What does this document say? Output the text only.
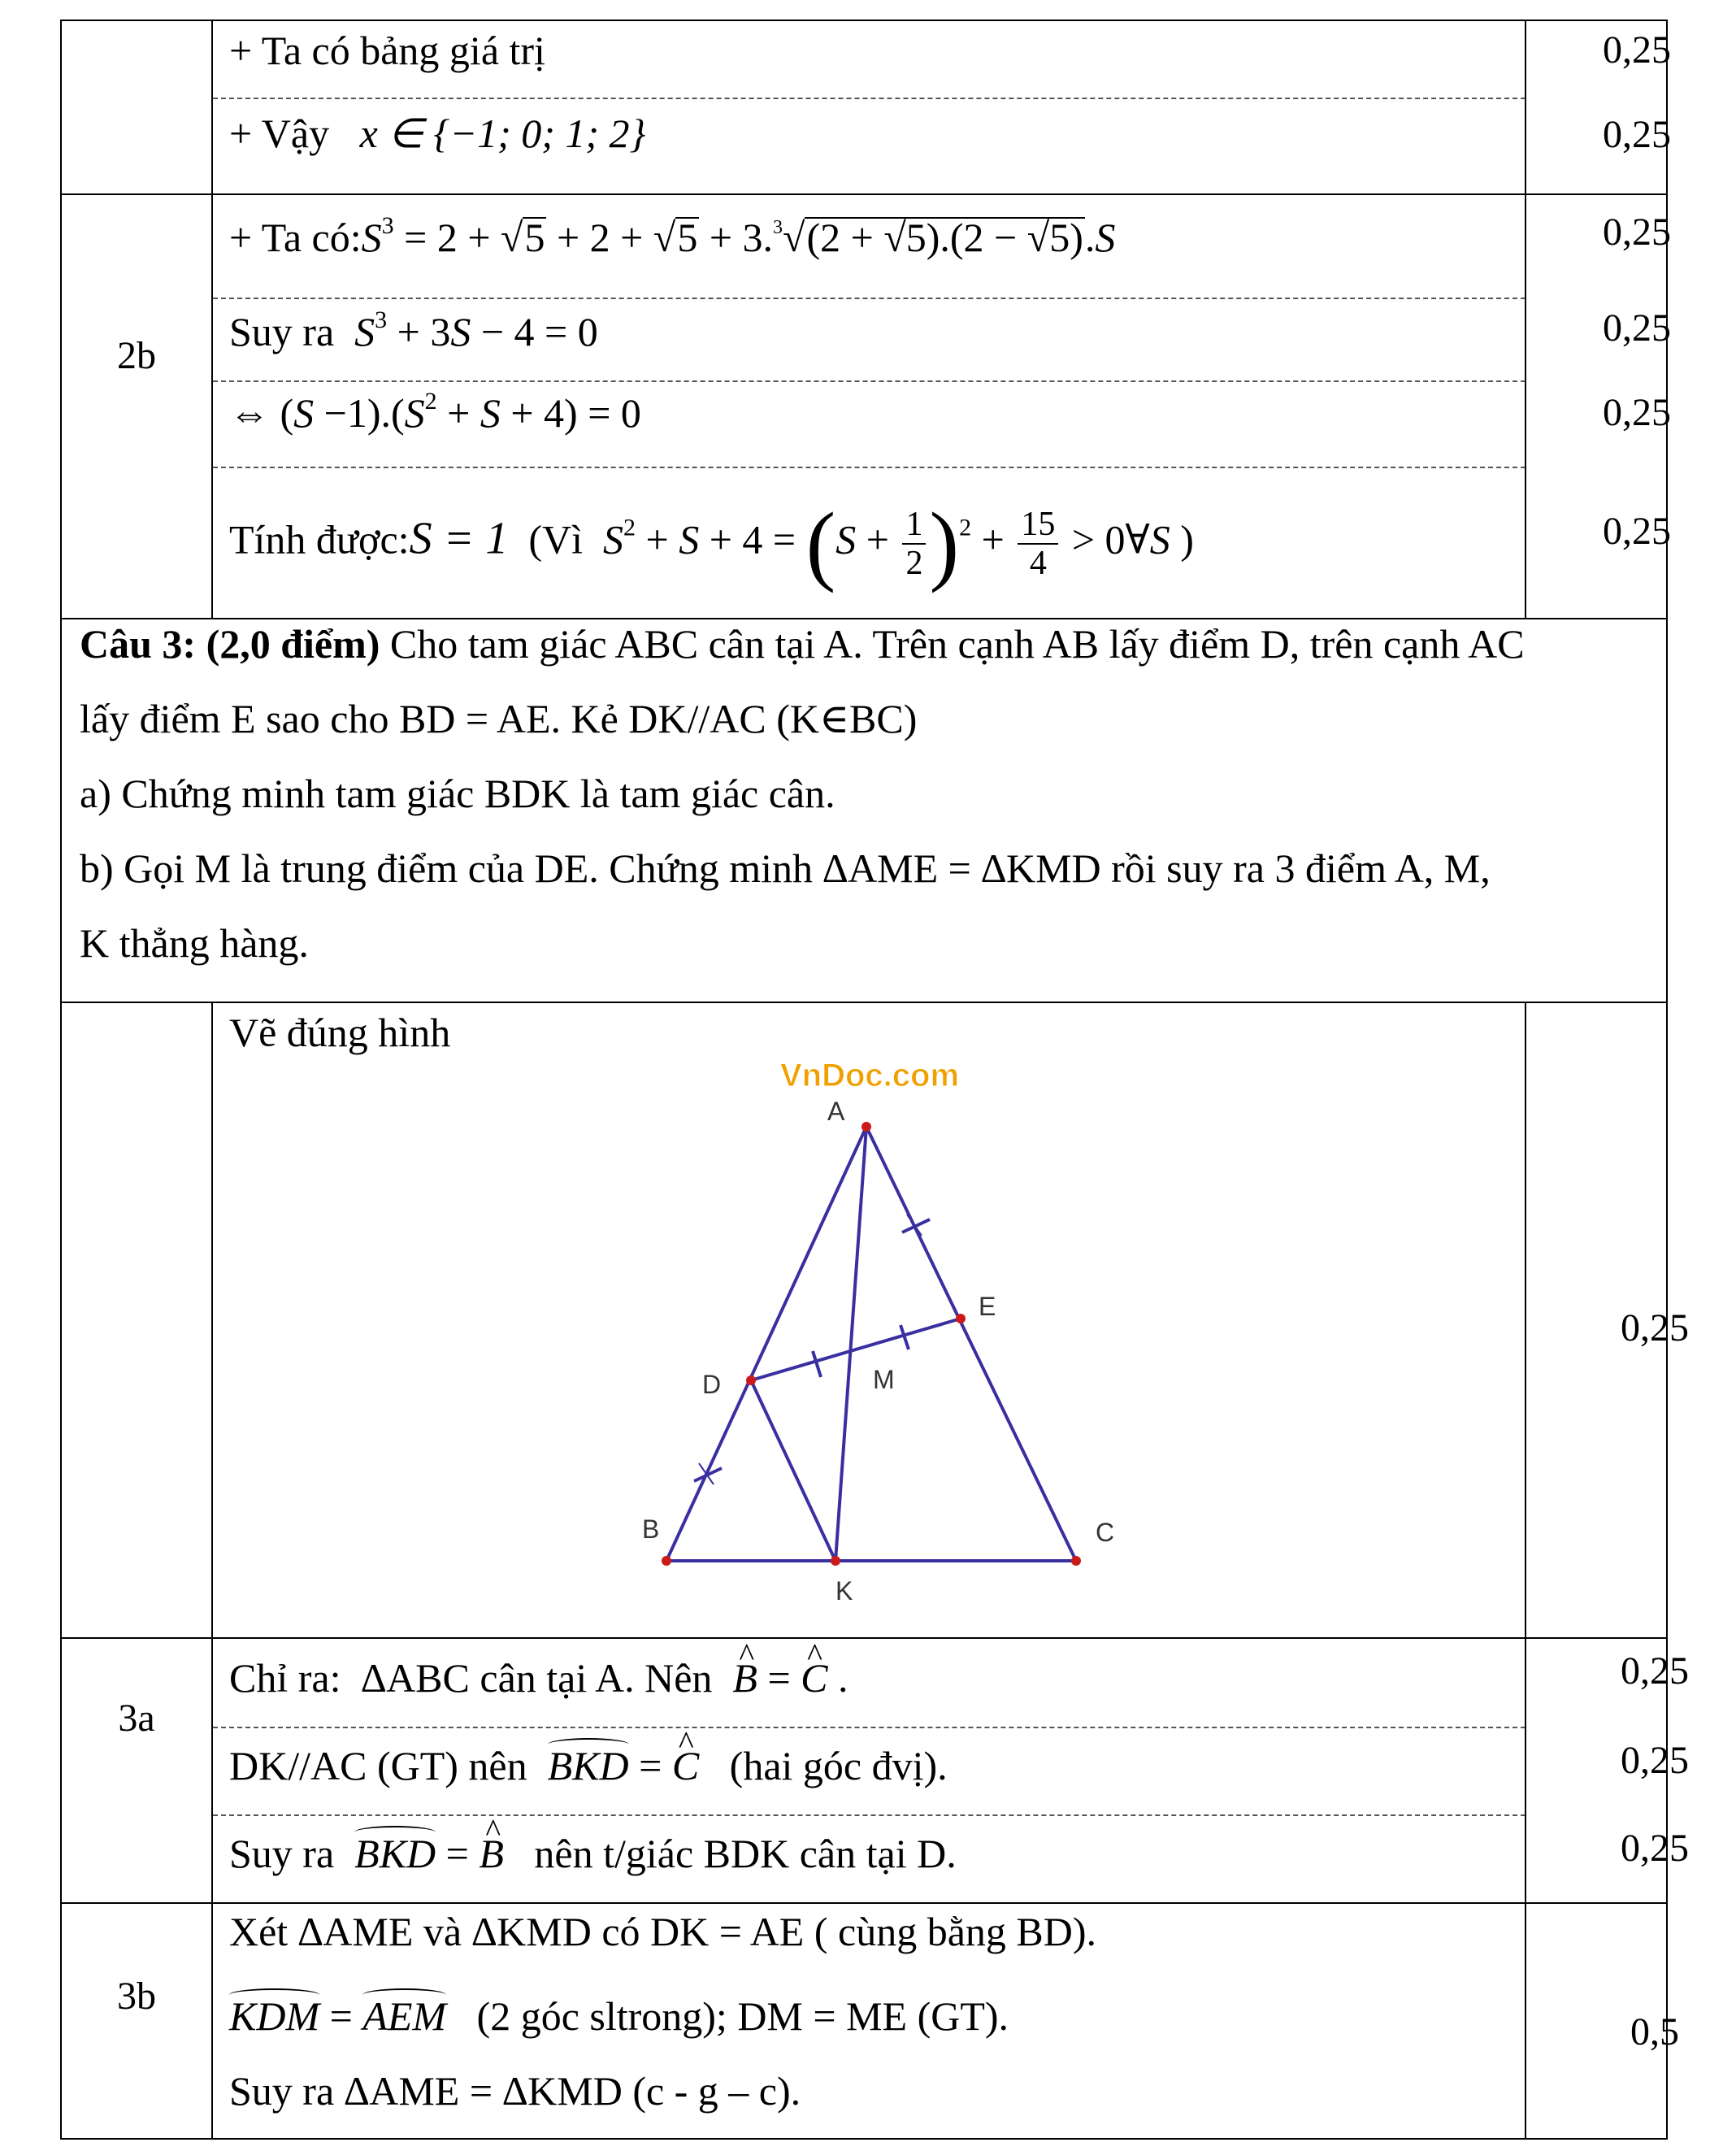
+ Ta có bảng giá trị	0,25
+ Vậy x ∈ {−1; 0; 1; 2}	0,25
2b
+ Ta $có:S^3 = 2 + √5 + 2 + √5 + 3.^3√(2 + √5).(2 - √5).S$	0,25
Suy ra $S^3 + 3S - 4 = 0$	0,25
⇔ $(S -1).(S^2 + S + 4) = 0$	0,25
Tính được:S = 1 (Vì $S^2 + S + 4 = (S + \frac{1}{2} )^2 + \frac{15}{4}$ > 0∀S )	0,25
Câu 3: (2,0 điểm) Cho tam giác ABC cân tại A. Trên cạnh AB lấy điểm D, trên cạnh AC
lấy điểm E sao cho BD = AE. Kẻ DK//AC (K∈BC)
a) Chứng minh tam giác BDK là tam giác cân.
b) Gọi M là trung điểm của DE. Chứng minh ∆AME = ∆KMD rồi suy ra 3 điểm A, M,
K thẳng hàng.
Vẽ đúng hình
0,25
3a
Chỉ ra: ∆ABC cân tại A. Nên ^ B = ^ C .	0,25
DK//AC (GT) nên BKD = ^ C (hai góc đvị).	0,25
Suy ra BKD = ^ B nên t/giác BDK cân tại D.	0,25
3b
Xét ∆AME và ∆KMD có DK = AE ( cùng bằng BD).
KDM = AEM (2 góc sltrong); DM = ME (GT).
Suy ra ∆AME = ∆KMD (c - g – c).
0,5
VnDoc.com
A
B	C
D
E
K
M
